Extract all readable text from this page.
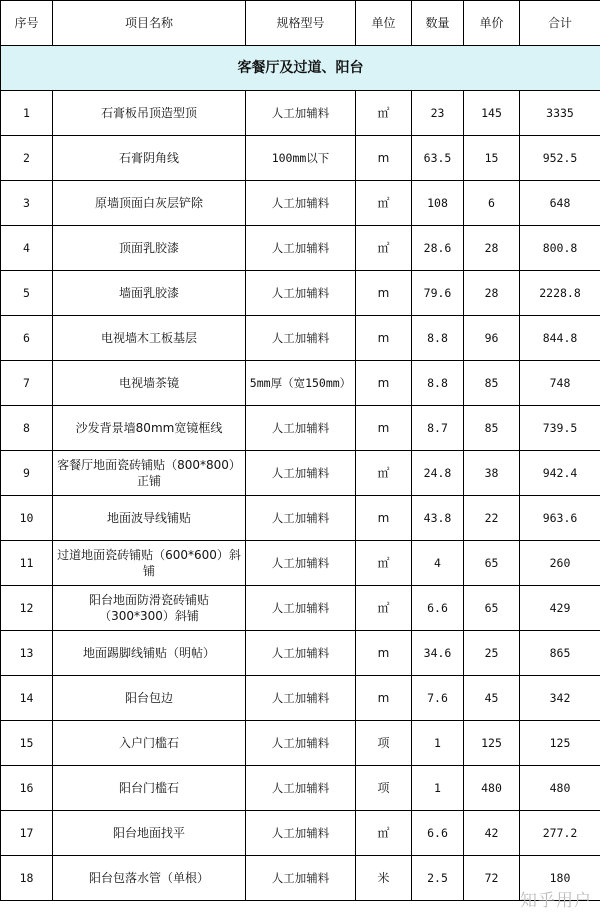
序号	项目名称	规格型号	单位	数量	单价	合计
客餐厅及过道、阳台						
1	石膏板吊顶造型顶	人工加辅料	㎡	23	145	3335
2	石膏阴角线	100mm以下	m	63.5	15	952.5
3	原墙顶面白灰层铲除	人工加辅料	㎡	108	6	648
4	顶面乳胶漆	人工加辅料	㎡	28.6	28	800.8
5	墙面乳胶漆	人工加辅料	m	79.6	28	2228.8
6	电视墙木工板基层	人工加辅料	m	8.8	96	844.8
7	电视墙茶镜	5mm厚（宽150mm）	m	8.8	85	748
8	沙发背景墙80mm宽镜框线	人工加辅料	m	8.7	85	739.5
9	客餐厅地面瓷砖铺贴（800*800）正铺	人工加辅料	㎡	24.8	38	942.4
10	地面波导线铺贴	人工加辅料	m	43.8	22	963.6
11	过道地面瓷砖铺贴（600*600）斜铺	人工加辅料	㎡	4	65	260
12	阳台地面防滑瓷砖铺贴（300*300）斜铺	人工加辅料	㎡	6.6	65	429
13	地面踢脚线铺贴（明帖）	人工加辅料	m	34.6	25	865
14	阳台包边	人工加辅料	m	7.6	45	342
15	入户门槛石	人工加辅料	项	1	125	125
16	阳台门槛石	人工加辅料	项	1	480	480
17	阳台地面找平	人工加辅料	㎡	6.6	42	277.2
18	阳台包落水管（单根）	人工加辅料	米	2.5	72	180
知乎用户
